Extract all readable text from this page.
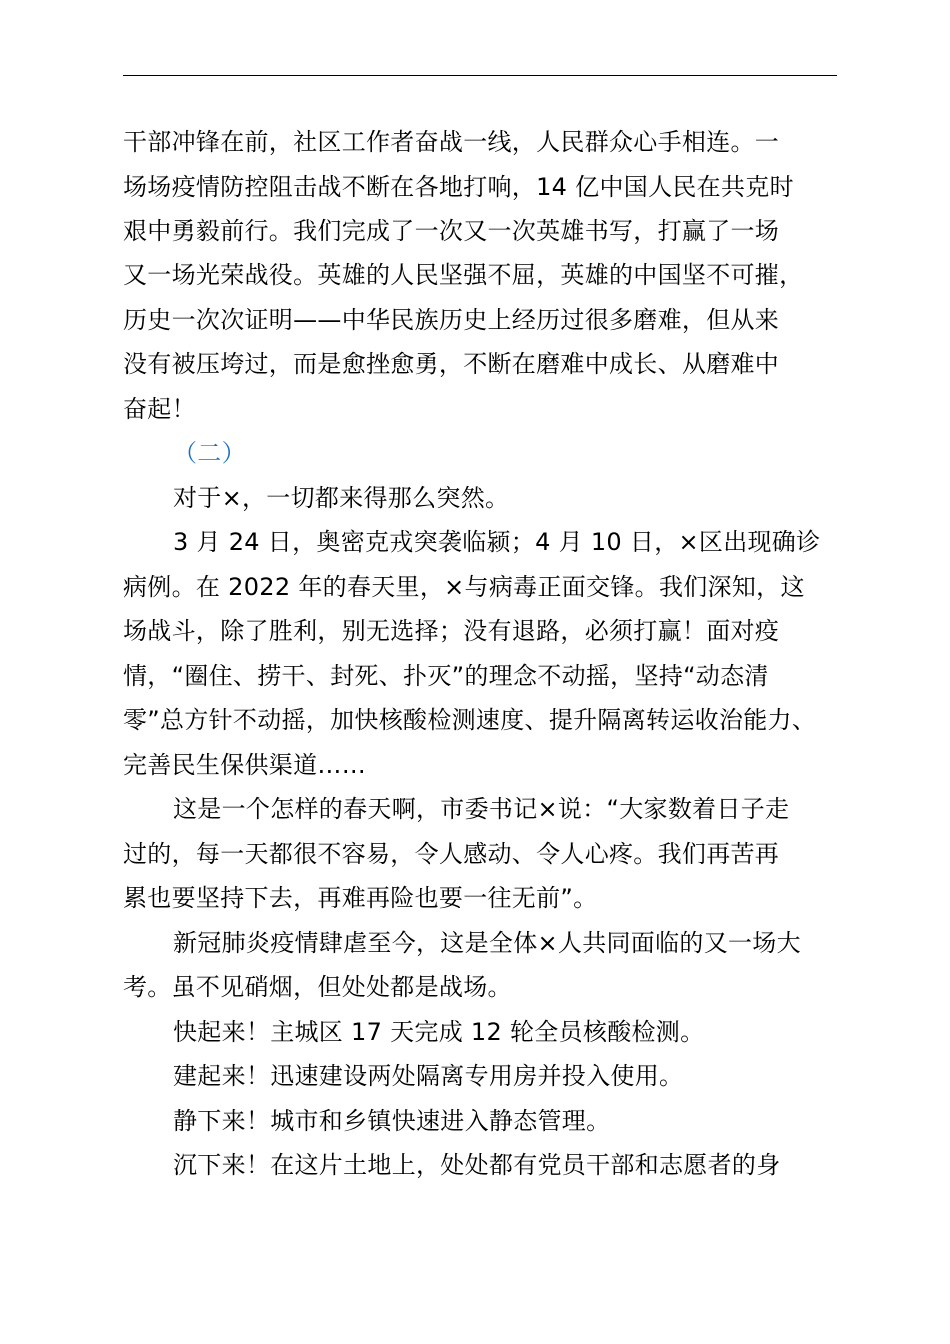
干部冲锋在前，社区工作者奋战一线，人民群众心手相连。一
场场疫情防控阻击战不断在各地打响，14 亿中国人民在共克时
艰中勇毅前行。我们完成了一次又一次英雄书写，打赢了一场
又一场光荣战役。英雄的人民坚强不屈，英雄的中国坚不可摧，
历史一次次证明——中华民族历史上经历过很多磨难，但从来
没有被压垮过，而是愈挫愈勇，不断在磨难中成长、从磨难中
奋起！
（二）
对于×，一切都来得那么突然。
3 月 24 日，奥密克戎突袭临颍；4 月 10 日，×区出现确诊
病例。在 2022 年的春天里，×与病毒正面交锋。我们深知，这
场战斗，除了胜利，别无选择；没有退路，必须打赢！面对疫
情，“圈住、捞干、封死、扑灭”的理念不动摇，坚持“动态清
零”总方针不动摇，加快核酸检测速度、提升隔离转运收治能力、
完善民生保供渠道……
这是一个怎样的春天啊，市委书记×说：“大家数着日子走
过的，每一天都很不容易，令人感动、令人心疼。我们再苦再
累也要坚持下去，再难再险也要一往无前”。
新冠肺炎疫情肆虐至今，这是全体×人共同面临的又一场大
考。虽不见硝烟，但处处都是战场。
快起来！主城区 17 天完成 12 轮全员核酸检测。
建起来！迅速建设两处隔离专用房并投入使用。
静下来！城市和乡镇快速进入静态管理。
沉下来！在这片土地上，处处都有党员干部和志愿者的身
